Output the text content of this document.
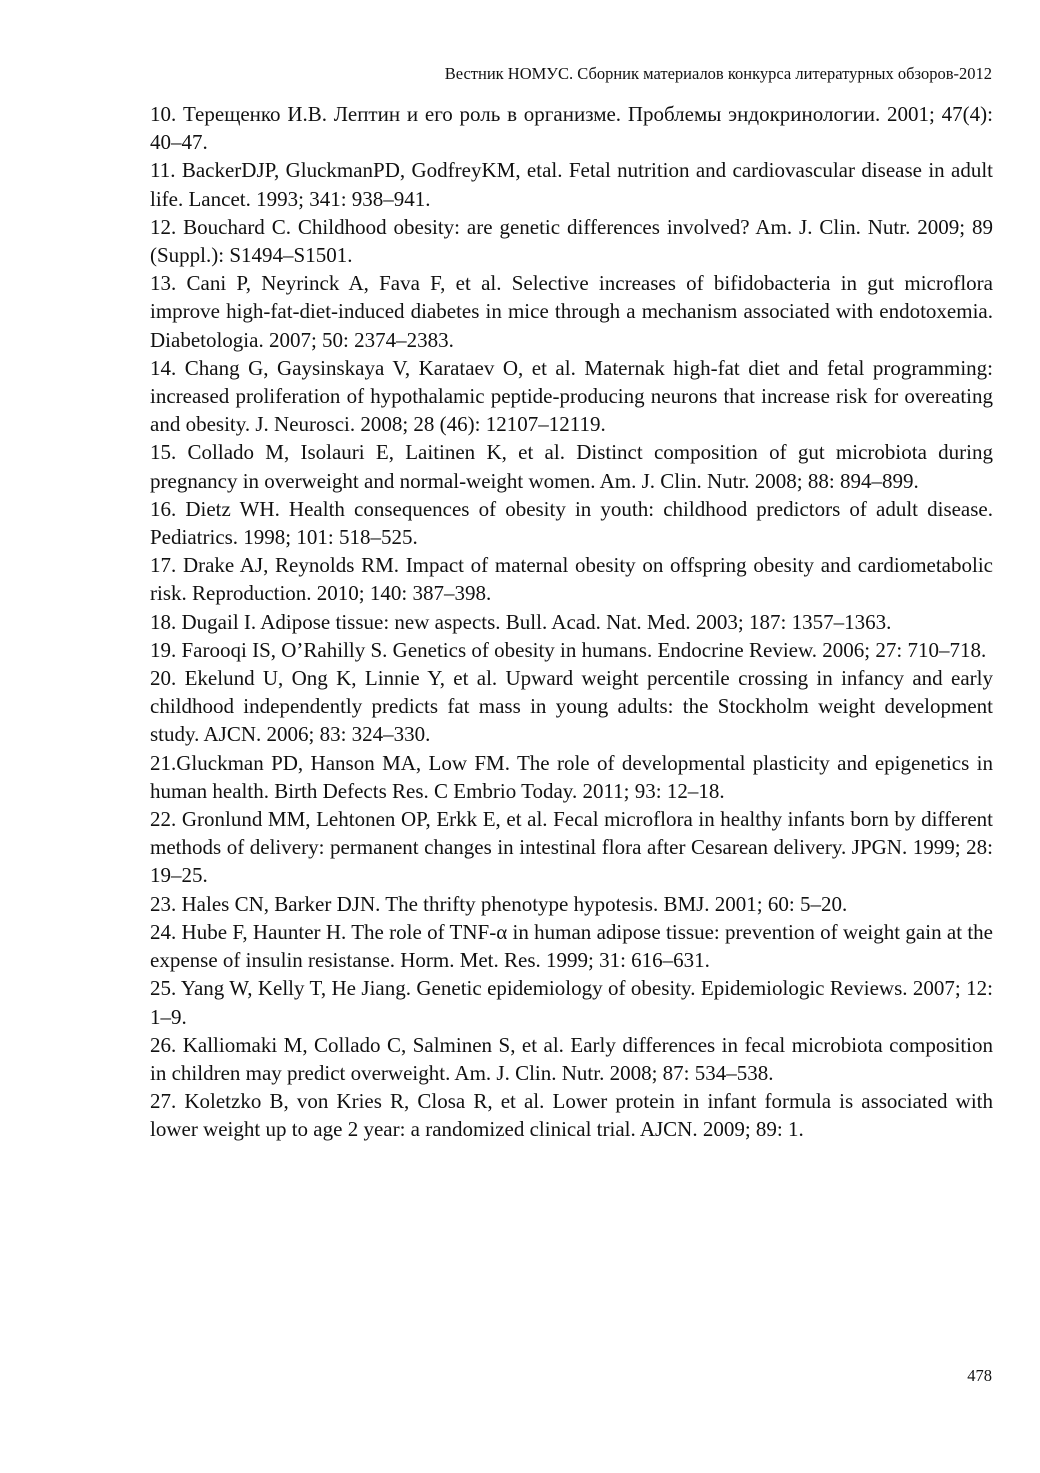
Вестник НОМУС. Сборник материалов конкурса литературных обзоров-2012
10. Терещенко И.В. Лептин и его роль в организме. Проблемы эндокринологии. 2001; 47(4): 40–47.
11. BackerDJP, GluckmanPD, GodfreyKM, etal. Fetal nutrition and cardiovascular disease in adult life. Lancet. 1993; 341: 938–941.
12. Bouchard C. Childhood obesity: are genetic differences involved? Am. J. Clin. Nutr. 2009; 89 (Suppl.): S1494–S1501.
13. Cani P, Neyrinck A, Fava F, et al. Selective increases of bifidobacteria in gut microflora improve high-fat-diet-induced diabetes in mice through a mechanism associated with endotoxemia. Diabetologia. 2007; 50: 2374–2383.
14. Chang G, Gaysinskaya V, Karataev O, et al. Maternak high-fat diet and fetal programming: increased proliferation of hypothalamic peptide-producing neurons that increase risk for overeating and obesity. J. Neurosci. 2008; 28 (46): 12107–12119.
15. Collado M, Isolauri E, Laitinen K, et al. Distinct composition of gut microbiota during pregnancy in overweight and normal-weight women. Am. J. Clin. Nutr. 2008; 88: 894–899.
16. Dietz WH. Health consequences of obesity in youth: childhood predictors of adult disease. Pediatrics. 1998; 101: 518–525.
17. Drake AJ, Reynolds RM. Impact of maternal obesity on offspring obesity and cardiometabolic risk. Reproduction. 2010; 140: 387–398.
18. Dugail I. Adipose tissue: new aspects. Bull. Acad. Nat. Med. 2003; 187: 1357–1363.
19. Farooqi IS, O’Rahilly S. Genetics of obesity in humans. Endocrine Review. 2006; 27: 710–718.
20. Ekelund U, Ong K, Linnie Y, et al. Upward weight percentile crossing in infancy and early childhood independently predicts fat mass in young adults: the Stockholm weight development study. AJCN. 2006; 83: 324–330.
21.Gluckman PD, Hanson MA, Low FM. The role of developmental plasticity and epigenetics in human health. Birth Defects Res. C Embrio Today. 2011; 93: 12–18.
22. Gronlund MM, Lehtonen OP, Erkk E, et al. Fecal microflora in healthy infants born by different methods of delivery: permanent changes in intestinal flora after Cesarean delivery. JPGN. 1999; 28: 19–25.
23. Hales CN, Barker DJN. The thrifty phenotype hypotesis. BMJ. 2001; 60: 5–20.
24. Hube F, Haunter H. The role of TNF-α in human adipose tissue: prevention of weight gain at the expense of insulin resistanse. Horm. Met. Res. 1999; 31: 616–631.
25. Yang W, Kelly T, He Jiang. Genetic epidemiology of obesity. Epidemiologic Reviews. 2007; 12: 1–9.
26. Kalliomaki M, Collado C, Salminen S, et al. Early differences in fecal microbiota composition in children may predict overweight. Am. J. Clin. Nutr. 2008; 87: 534–538.
27. Koletzko B, von Kries R, Closa R, et al. Lower protein in infant formula is associated with lower weight up to age 2 year: a randomized clinical trial. AJCN. 2009; 89: 1.
478
